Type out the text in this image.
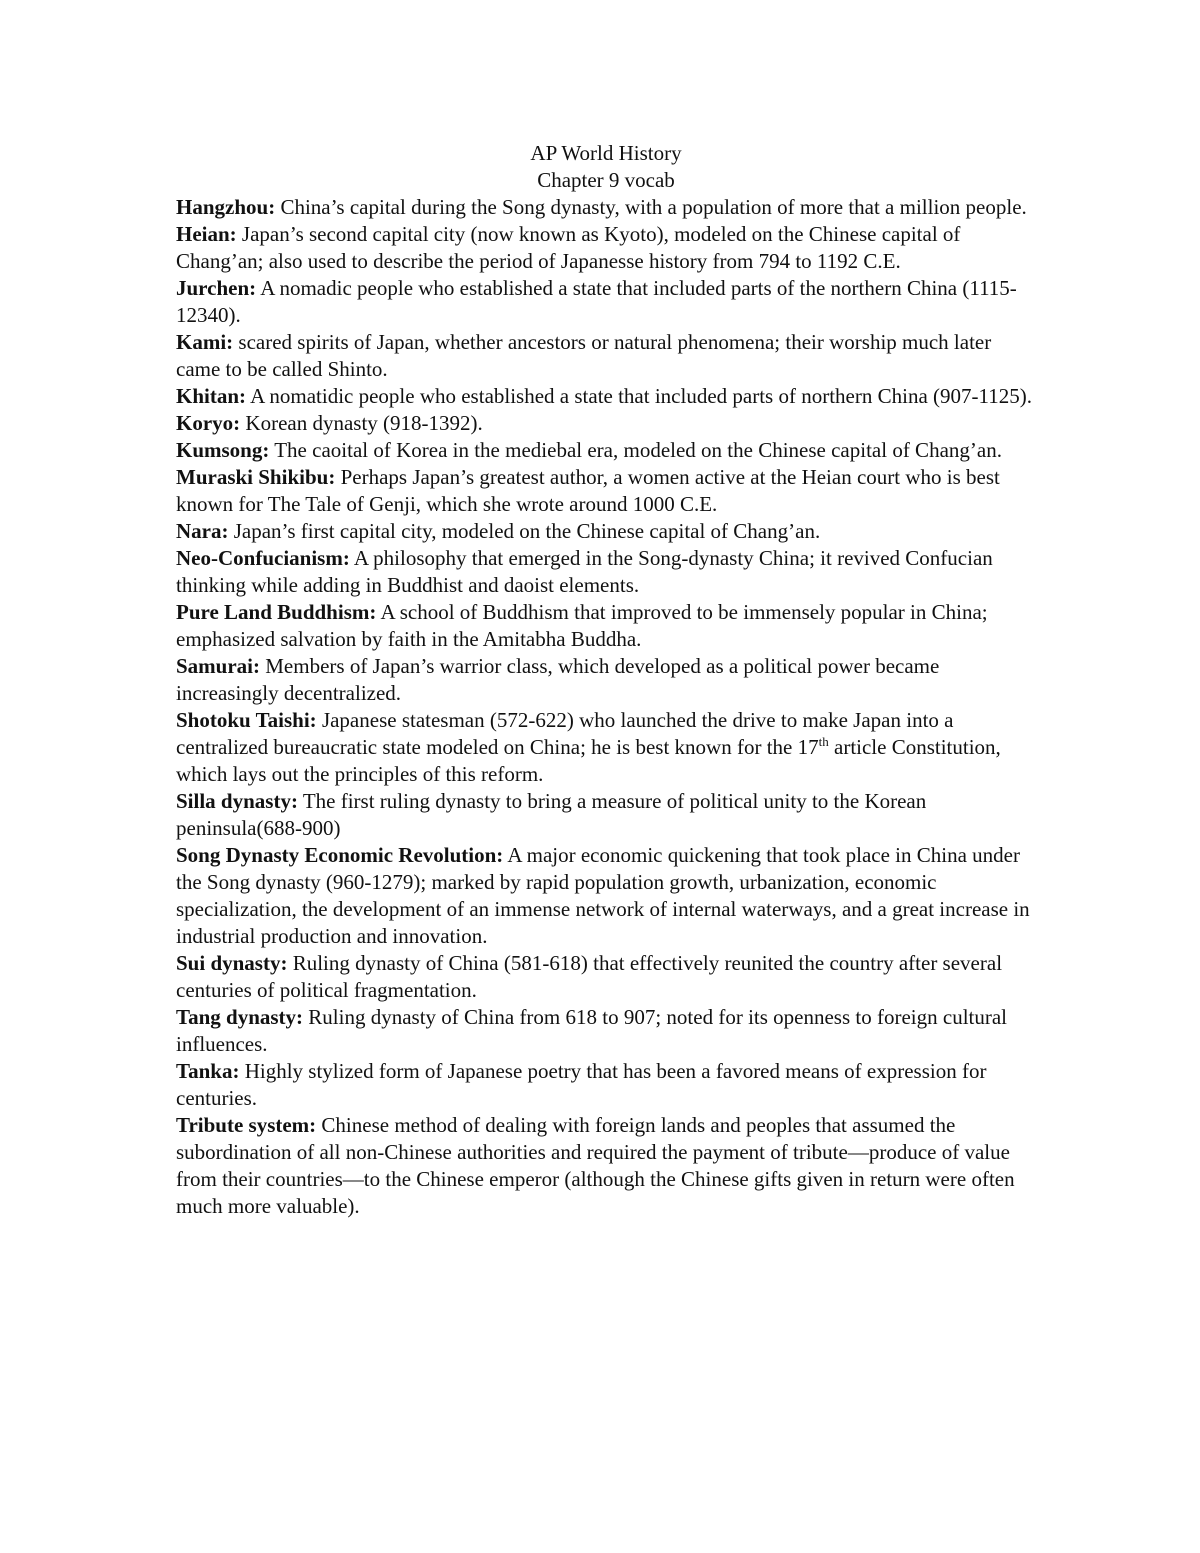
AP World History
Chapter 9 vocab

Hangzhou: China’s capital during the Song dynasty, with a population of more that a million people.

Heian: Japan’s second capital city (now known as Kyoto), modeled on the Chinese capital of Chang’an; also used to describe the period of Japanesse history from 794 to 1192 C.E.

Jurchen: A nomadic people who established a state that included parts of the northern China (1115-12340).

Kami: scared spirits of Japan, whether ancestors or natural phenomena; their worship much later came to be called Shinto.

Khitan: A nomatidic people who established a state that included parts of northern China (907-1125).

Koryo: Korean dynasty (918-1392).

Kumsong: The caoital of Korea in the mediebal era, modeled on the Chinese capital of Chang’an.

Muraski Shikibu: Perhaps Japan’s greatest author, a women active at the Heian court who is best known for The Tale of Genji, which she wrote around 1000 C.E.

Nara: Japan’s first capital city, modeled on the Chinese capital of Chang’an.

Neo-Confucianism: A philosophy that emerged in the Song-dynasty China; it revived Confucian thinking while adding in Buddhist and daoist elements.

Pure Land Buddhism: A school of Buddhism that improved to be immensely popular in China; emphasized salvation by faith in the Amitabha Buddha.

Samurai: Members of Japan’s warrior class, which developed as a political power became increasingly decentralized.

Shotoku Taishi: Japanese statesman (572-622) who launched the drive to make Japan into a centralized bureaucratic state modeled on China; he is best known for the 17th article Constitution, which lays out the principles of this reform.

Silla dynasty: The first ruling dynasty to bring a measure of political unity to the Korean peninsula(688-900)

Song Dynasty Economic Revolution: A major economic quickening that took place in China under the Song dynasty (960-1279); marked by rapid population growth, urbanization, economic specialization, the development of an immense network of internal waterways, and a great increase in industrial production and innovation.

Sui dynasty: Ruling dynasty of China (581-618) that effectively reunited the country after several centuries of political fragmentation.

Tang dynasty: Ruling dynasty of China from 618 to 907; noted for its openness to foreign cultural influences.

Tanka: Highly stylized form of Japanese poetry that has been a favored means of expression for centuries.

Tribute system: Chinese method of dealing with foreign lands and peoples that assumed the subordination of all non-Chinese authorities and required the payment of tribute—produce of value from their countries—to the Chinese emperor (although the Chinese gifts given in return were often much more valuable).
